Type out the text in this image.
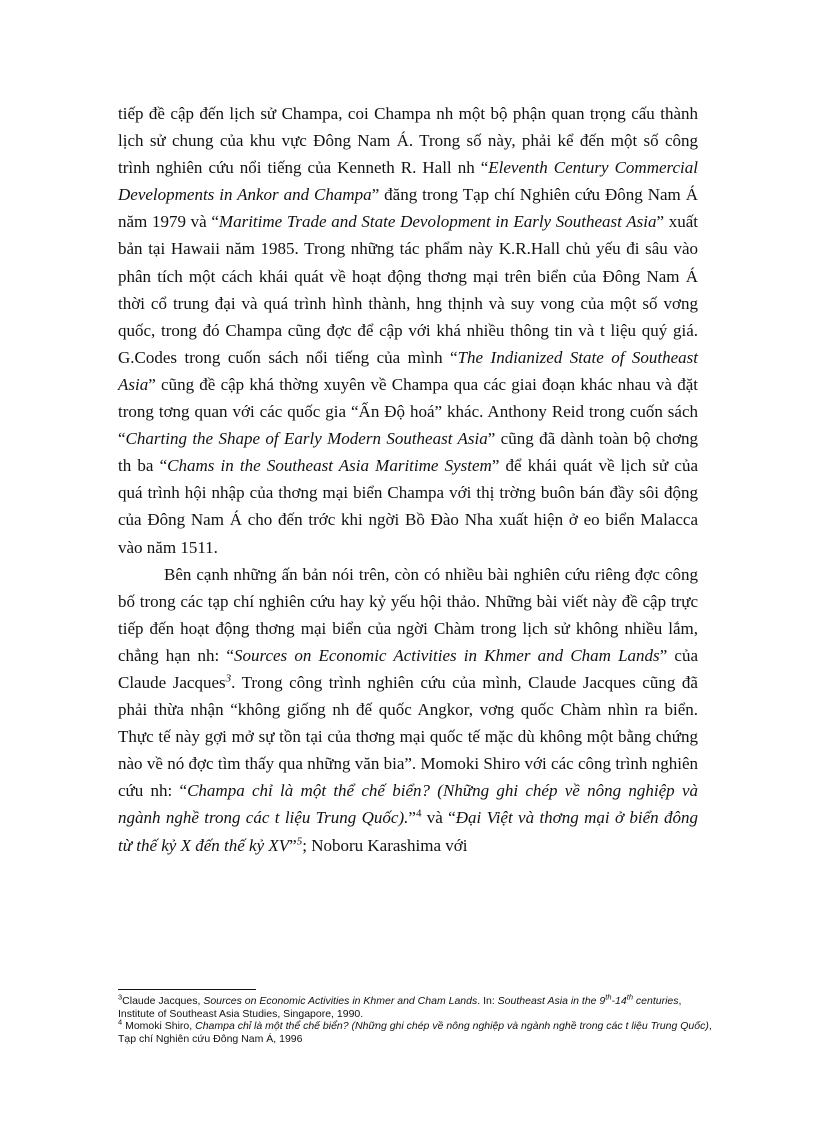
tiếp đề cập đến lịch sử Champa, coi Champa nh một bộ phận quan trọng cấu thành lịch sử chung của khu vực Đông Nam Á. Trong số này, phải kể đến một số công trình nghiên cứu nổi tiếng của Kenneth R. Hall nh “Eleventh Century Commercial Developments in Ankor and Champa” đăng trong Tạp chí Nghiên cứu Đông Nam Á năm 1979 và “Maritime Trade and State Devolopment in Early Southeast Asia” xuất bản tại Hawaii năm 1985. Trong những tác phẩm này K.R.Hall chủ yếu đi sâu vào phân tích một cách khái quát về hoạt động thơng mại trên biển của Đông Nam Á thời cổ trung đại và quá trình hình thành, hng thịnh và suy vong của một số vơng quốc, trong đó Champa cũng đợc để cập với khá nhiều thông tin và t liệu quý giá. G.Codes trong cuốn sách nổi tiếng của mình “The Indianized State of Southeast Asia” cũng đề cập khá thờng xuyên về Champa qua các giai đoạn khác nhau và đặt trong tơng quan với các quốc gia “Ấn Độ hoá” khác. Anthony Reid trong cuốn sách “Charting the Shape of Early Modern Southeast Asia” cũng đã dành toàn bộ chơng th ba “Chams in the Southeast Asia Maritime System” để khái quát về lịch sử của quá trình hội nhập của thơng mại biển Champa với thị trờng buôn bán đầy sôi động của Đông Nam Á cho đến trớc khi ngời Bồ Đào Nha xuất hiện ở eo biển Malacca vào năm 1511.

Bên cạnh những ấn bản nói trên, còn có nhiều bài nghiên cứu riêng đợc công bố trong các tạp chí nghiên cứu hay kỷ yếu hội thảo. Những bài viết này đề cập trực tiếp đến hoạt động thơng mại biển của ngời Chàm trong lịch sử không nhiều lắm, chẳng hạn nh: “Sources on Economic Activities in Khmer and Cham Lands” của Claude Jacques$^3$. Trong công trình nghiên cứu của mình, Claude Jacques cũng đã phải thừa nhận “không giống nh đế quốc Angkor, vơng quốc Chàm nhìn ra biển. Thực tế này gợi mở sự tồn tại của thơng mại quốc tế mặc dù không một bằng chứng nào về nó đợc tìm thấy qua những văn bia”. Momoki Shiro với các công trình nghiên cứu nh: “Champa chỉ là một thể chế biển? (Những ghi chép về nông nghiệp và ngành nghề trong các t liệu Trung Quốc).”$^4$ và “Đại Việt và thơng mại ở biển đông từ thế kỷ X đến thế kỷ XV”$^5$; Noboru Karashima với

$^3$Claude Jacques, Sources on Economic Activities in Khmer and Cham Lands. In: Southeast Asia in the 9th-14th centuries, Institute of Southeast Asia Studies, Singapore, 1990.

$^4$ Momoki Shiro, Champa chỉ là một thể chế biển? (Những ghi chép về nông nghiệp và ngành nghề trong các t liệu Trung Quốc), Tạp chí Nghiên cứu Đông Nam Á, 1996
